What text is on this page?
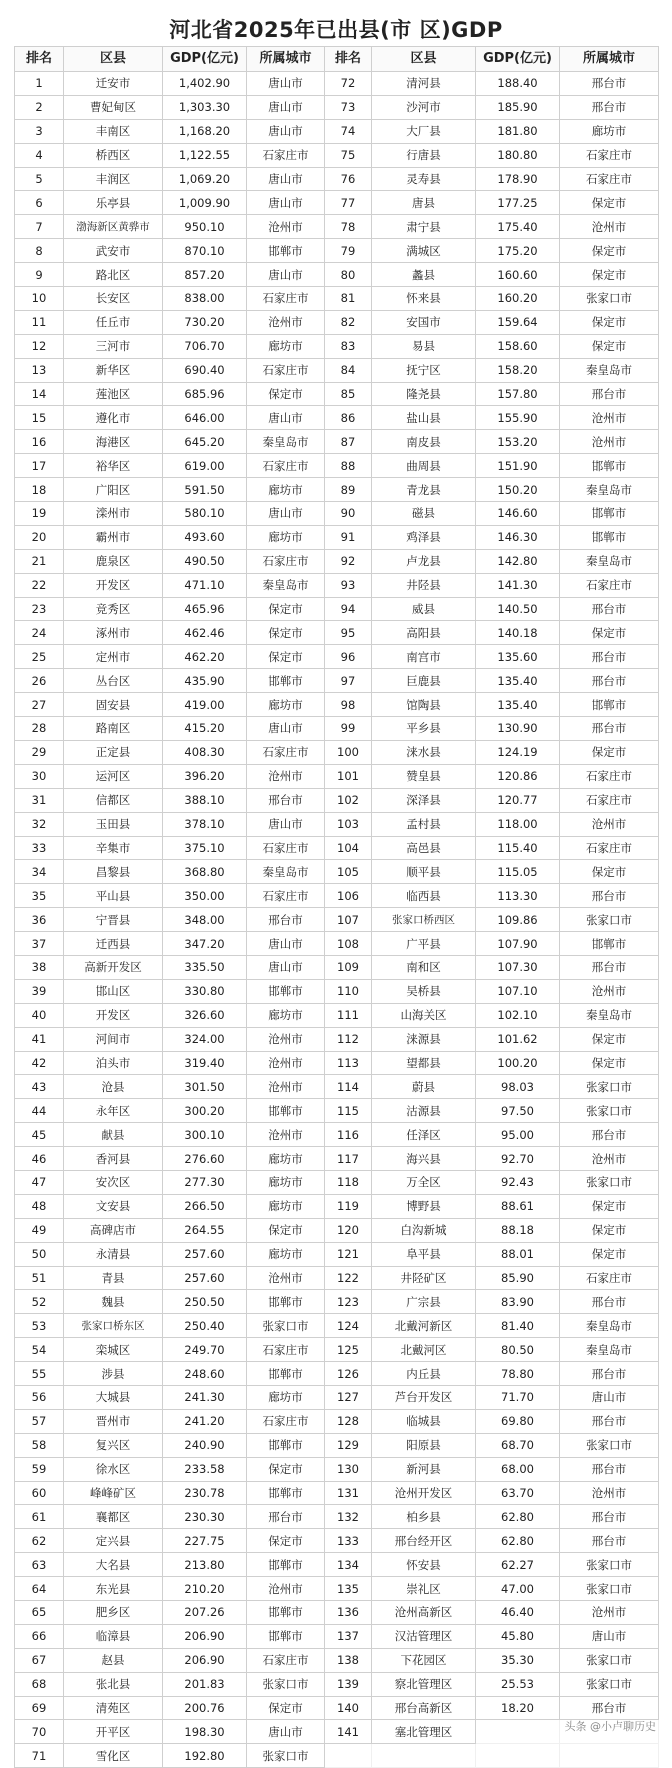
河北省2025年已出县(市 区)GDP
排名	区县	GDP(亿元)	所属城市	排名	区县	GDP(亿元)	所属城市
1	迁安市	1,402.90	唐山市	72	清河县	188.40	邢台市
2	曹妃甸区	1,303.30	唐山市	73	沙河市	185.90	邢台市
3	丰南区	1,168.20	唐山市	74	大厂县	181.80	廊坊市
4	桥西区	1,122.55	石家庄市	75	行唐县	180.80	石家庄市
5	丰润区	1,069.20	唐山市	76	灵寿县	178.90	石家庄市
6	乐亭县	1,009.90	唐山市	77	唐县	177.25	保定市
7	渤海新区黄骅市	950.10	沧州市	78	肃宁县	175.40	沧州市
8	武安市	870.10	邯郸市	79	满城区	175.20	保定市
9	路北区	857.20	唐山市	80	蠡县	160.60	保定市
10	长安区	838.00	石家庄市	81	怀来县	160.20	张家口市
11	任丘市	730.20	沧州市	82	安国市	159.64	保定市
12	三河市	706.70	廊坊市	83	易县	158.60	保定市
13	新华区	690.40	石家庄市	84	抚宁区	158.20	秦皇岛市
14	莲池区	685.96	保定市	85	隆尧县	157.80	邢台市
15	遵化市	646.00	唐山市	86	盐山县	155.90	沧州市
16	海港区	645.20	秦皇岛市	87	南皮县	153.20	沧州市
17	裕华区	619.00	石家庄市	88	曲周县	151.90	邯郸市
18	广阳区	591.50	廊坊市	89	青龙县	150.20	秦皇岛市
19	滦州市	580.10	唐山市	90	磁县	146.60	邯郸市
20	霸州市	493.60	廊坊市	91	鸡泽县	146.30	邯郸市
21	鹿泉区	490.50	石家庄市	92	卢龙县	142.80	秦皇岛市
22	开发区	471.10	秦皇岛市	93	井陉县	141.30	石家庄市
23	竞秀区	465.96	保定市	94	威县	140.50	邢台市
24	涿州市	462.46	保定市	95	高阳县	140.18	保定市
25	定州市	462.20	保定市	96	南宫市	135.60	邢台市
26	丛台区	435.90	邯郸市	97	巨鹿县	135.40	邢台市
27	固安县	419.00	廊坊市	98	馆陶县	135.40	邯郸市
28	路南区	415.20	唐山市	99	平乡县	130.90	邢台市
29	正定县	408.30	石家庄市	100	涞水县	124.19	保定市
30	运河区	396.20	沧州市	101	赞皇县	120.86	石家庄市
31	信都区	388.10	邢台市	102	深泽县	120.77	石家庄市
32	玉田县	378.10	唐山市	103	孟村县	118.00	沧州市
33	辛集市	375.10	石家庄市	104	高邑县	115.40	石家庄市
34	昌黎县	368.80	秦皇岛市	105	顺平县	115.05	保定市
35	平山县	350.00	石家庄市	106	临西县	113.30	邢台市
36	宁晋县	348.00	邢台市	107	张家口桥西区	109.86	张家口市
37	迁西县	347.20	唐山市	108	广平县	107.90	邯郸市
38	高新开发区	335.50	唐山市	109	南和区	107.30	邢台市
39	邯山区	330.80	邯郸市	110	吴桥县	107.10	沧州市
40	开发区	326.60	廊坊市	111	山海关区	102.10	秦皇岛市
41	河间市	324.00	沧州市	112	涞源县	101.62	保定市
42	泊头市	319.40	沧州市	113	望都县	100.20	保定市
43	沧县	301.50	沧州市	114	蔚县	98.03	张家口市
44	永年区	300.20	邯郸市	115	沽源县	97.50	张家口市
45	献县	300.10	沧州市	116	任泽区	95.00	邢台市
46	香河县	276.60	廊坊市	117	海兴县	92.70	沧州市
47	安次区	277.30	廊坊市	118	万全区	92.43	张家口市
48	文安县	266.50	廊坊市	119	博野县	88.61	保定市
49	高碑店市	264.55	保定市	120	白沟新城	88.18	保定市
50	永清县	257.60	廊坊市	121	阜平县	88.01	保定市
51	青县	257.60	沧州市	122	井陉矿区	85.90	石家庄市
52	魏县	250.50	邯郸市	123	广宗县	83.90	邢台市
53	张家口桥东区	250.40	张家口市	124	北戴河新区	81.40	秦皇岛市
54	栾城区	249.70	石家庄市	125	北戴河区	80.50	秦皇岛市
55	涉县	248.60	邯郸市	126	内丘县	78.80	邢台市
56	大城县	241.30	廊坊市	127	芦台开发区	71.70	唐山市
57	晋州市	241.20	石家庄市	128	临城县	69.80	邢台市
58	复兴区	240.90	邯郸市	129	阳原县	68.70	张家口市
59	徐水区	233.58	保定市	130	新河县	68.00	邢台市
60	峰峰矿区	230.78	邯郸市	131	沧州开发区	63.70	沧州市
61	襄都区	230.30	邢台市	132	柏乡县	62.80	邢台市
62	定兴县	227.75	保定市	133	邢台经开区	62.80	邢台市
63	大名县	213.80	邯郸市	134	怀安县	62.27	张家口市
64	东光县	210.20	沧州市	135	崇礼区	47.00	张家口市
65	肥乡区	207.26	邯郸市	136	沧州高新区	46.40	沧州市
66	临漳县	206.90	邯郸市	137	汉沽管理区	45.80	唐山市
67	赵县	206.90	石家庄市	138	下花园区	35.30	张家口市
68	张北县	201.83	张家口市	139	察北管理区	25.53	张家口市
69	清苑区	200.76	保定市	140	邢台高新区	18.20	邢台市
70	开平区	198.30	唐山市	141	塞北管理区		
71	雪化区	192.80	张家口市				
头条 @小卢聊历史
